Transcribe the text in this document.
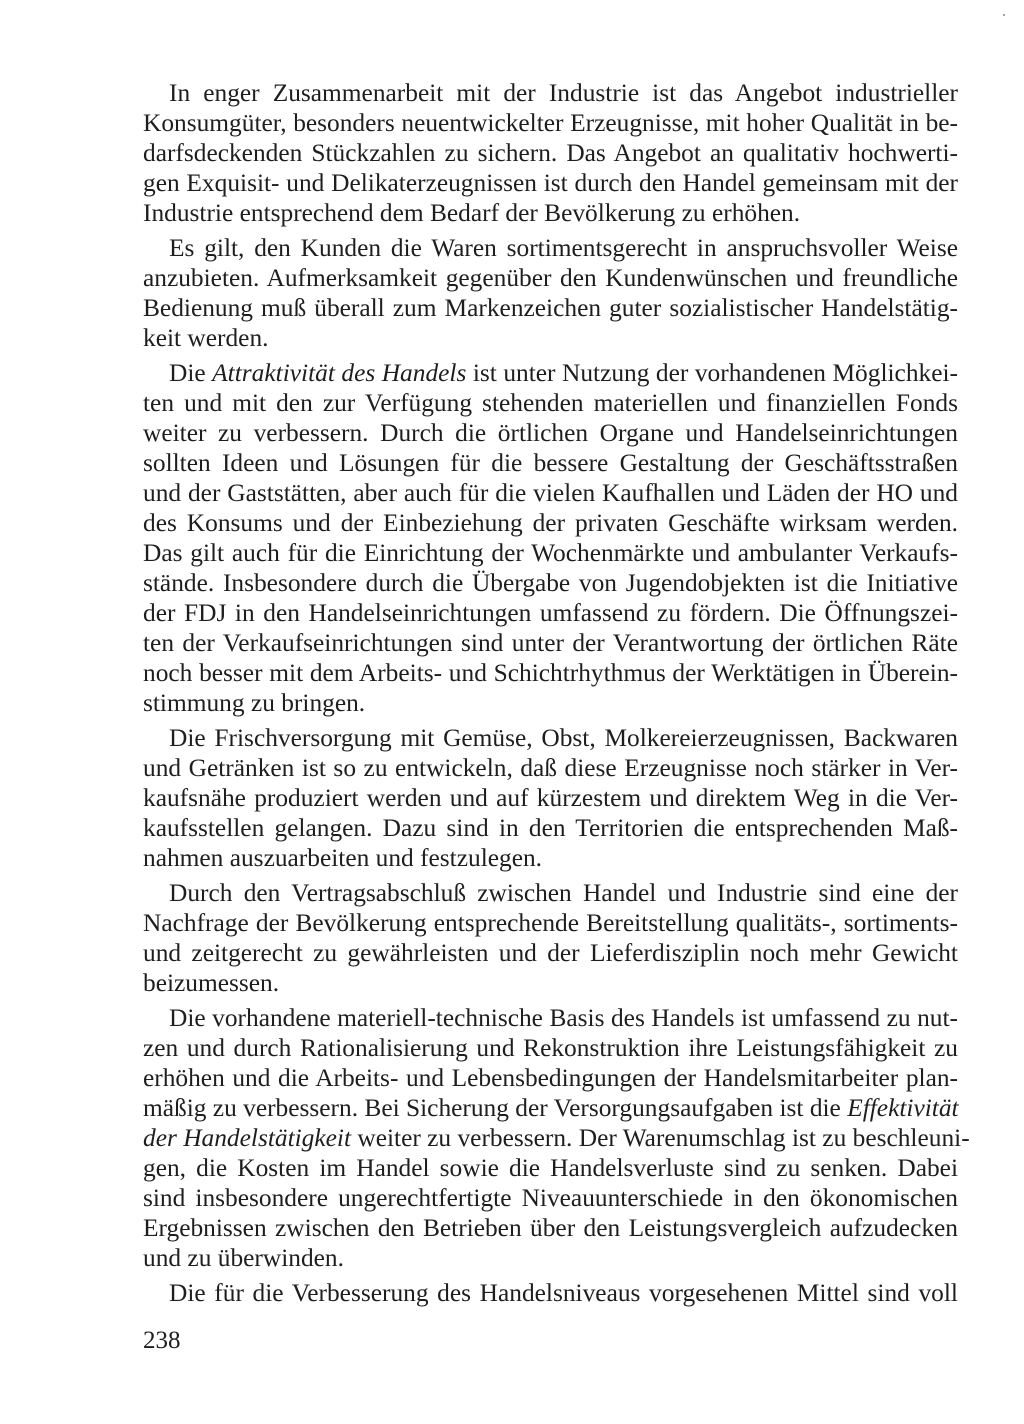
In enger Zusammenarbeit mit der Industrie ist das Angebot industrieller
Konsumgüter, besonders neuentwickelter Erzeugnisse, mit hoher Qualität in be-
darfsdeckenden Stückzahlen zu sichern. Das Angebot an qualitativ hochwerti-
gen Exquisit- und Delikaterzeugnissen ist durch den Handel gemeinsam mit der
Industrie entsprechend dem Bedarf der Bevölkerung zu erhöhen.

Es gilt, den Kunden die Waren sortimentsgerecht in anspruchsvoller Weise
anzubieten. Aufmerksamkeit gegenüber den Kundenwünschen und freundliche
Bedienung muß überall zum Markenzeichen guter sozialistischer Handelstätig-
keit werden.

Die Attraktivität des Handels ist unter Nutzung der vorhandenen Möglichkei-
ten und mit den zur Verfügung stehenden materiellen und finanziellen Fonds
weiter zu verbessern. Durch die örtlichen Organe und Handelseinrichtungen
sollten Ideen und Lösungen für die bessere Gestaltung der Geschäftsstraßen
und der Gaststätten, aber auch für die vielen Kaufhallen und Läden der HO und
des Konsums und der Einbeziehung der privaten Geschäfte wirksam werden.
Das gilt auch für die Einrichtung der Wochenmärkte und ambulanter Verkaufs-
stände. Insbesondere durch die Übergabe von Jugendobjekten ist die Initiative
der FDJ in den Handelseinrichtungen umfassend zu fördern. Die Öffnungszei-
ten der Verkaufseinrichtungen sind unter der Verantwortung der örtlichen Räte
noch besser mit dem Arbeits- und Schichtrhythmus der Werktätigen in Überein-
stimmung zu bringen.

Die Frischversorgung mit Gemüse, Obst, Molkereierzeugnissen, Backwaren
und Getränken ist so zu entwickeln, daß diese Erzeugnisse noch stärker in Ver-
kaufsnähe produziert werden und auf kürzestem und direktem Weg in die Ver-
kaufsstellen gelangen. Dazu sind in den Territorien die entsprechenden Maß-
nahmen auszuarbeiten und festzulegen.

Durch den Vertragsabschluß zwischen Handel und Industrie sind eine der
Nachfrage der Bevölkerung entsprechende Bereitstellung qualitäts-, sortiments-
und zeitgerecht zu gewährleisten und der Lieferdisziplin noch mehr Gewicht
beizumessen.

Die vorhandene materiell-technische Basis des Handels ist umfassend zu nut-
zen und durch Rationalisierung und Rekonstruktion ihre Leistungsfähigkeit zu
erhöhen und die Arbeits- und Lebensbedingungen der Handelsmitarbeiter plan-
mäßig zu verbessern. Bei Sicherung der Versorgungsaufgaben ist die Effektivität
der Handelstätigkeit weiter zu verbessern. Der Warenumschlag ist zu beschleuni-
gen, die Kosten im Handel sowie die Handelsverluste sind zu senken. Dabei
sind insbesondere ungerechtfertigte Niveauunterschiede in den ökonomischen
Ergebnissen zwischen den Betrieben über den Leistungsvergleich aufzudecken
und zu überwinden.

Die für die Verbesserung des Handelsniveaus vorgesehenen Mittel sind voll

238
